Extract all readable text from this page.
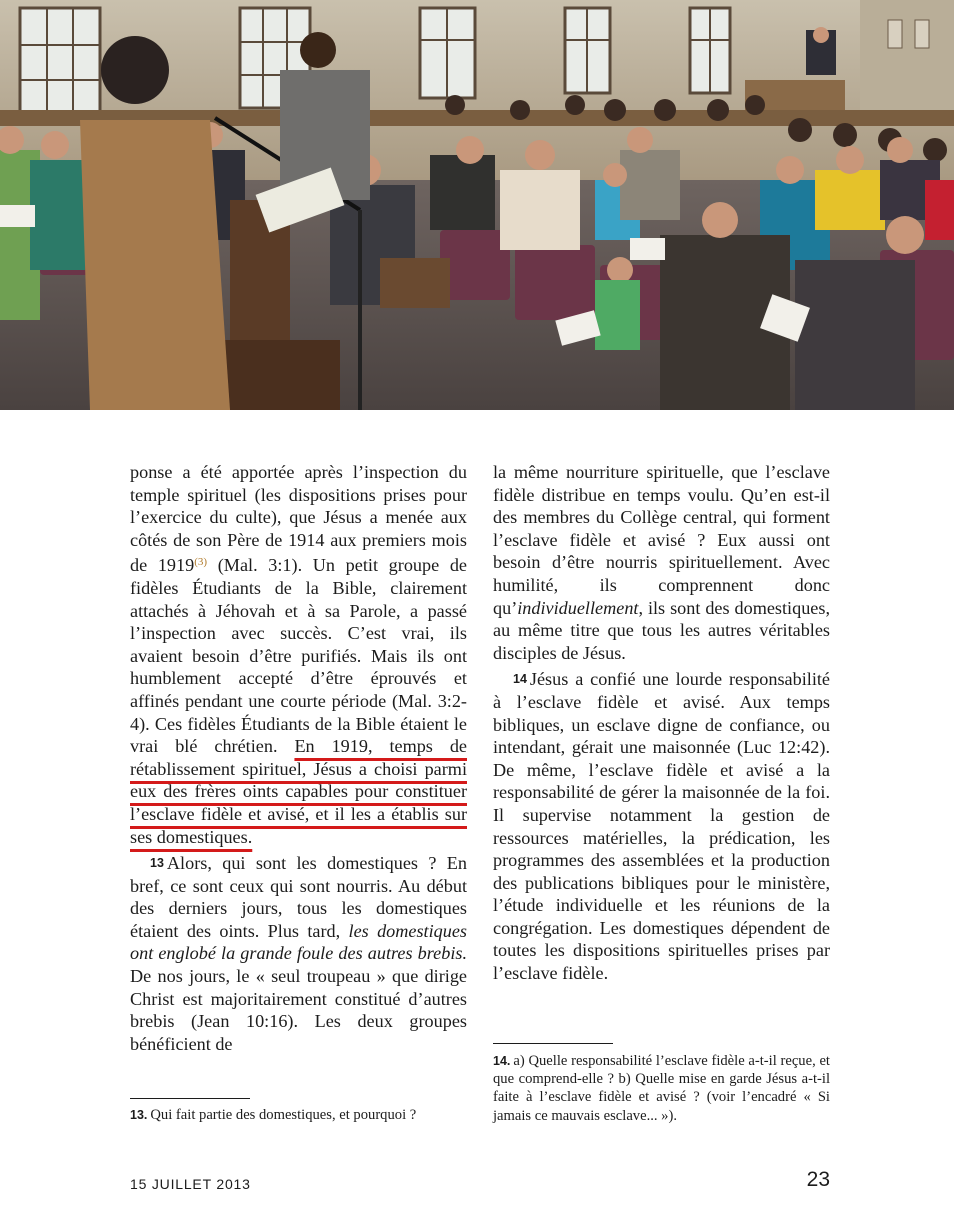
ponse a été apportée après l’inspection du temple spirituel (les dispositions prises pour l’exercice du culte), que Jésus a menée aux côtés de son Père de 1914 aux premiers mois de 1919$^{(3)}$ (Mal. 3:1). Un petit groupe de fidèles Étudiants de la Bible, clairement attachés à Jéhovah et à sa Parole, a passé l’inspection avec succès. C’est vrai, ils avaient besoin d’être purifiés. Mais ils ont humblement accepté d’être éprouvés et affinés pendant une courte période (Mal. 3:2-4). Ces fidèles Étudiants de la Bible étaient le vrai blé chrétien. En 1919, temps de rétablissement spirituel, Jésus a choisi parmi eux des frères oints capables pour constituer l’esclave fidèle et avisé, et il les a établis sur ses domestiques.

13 Alors, qui sont les domestiques ? En bref, ce sont ceux qui sont nourris. Au début des derniers jours, tous les domestiques étaient des oints. Plus tard, les domestiques ont englobé la grande foule des autres brebis. De nos jours, le « seul troupeau » que dirige Christ est majoritairement constitué d’autres brebis (Jean 10:16). Les deux groupes bénéficient de

la même nourriture spirituelle, que l’esclave fidèle distribue en temps voulu. Qu’en est-il des membres du Collège central, qui forment l’esclave fidèle et avisé ? Eux aussi ont besoin d’être nourris spirituellement. Avec humilité, ils comprennent donc qu’individuellement, ils sont des domestiques, au même titre que tous les autres véritables disciples de Jésus.

14 Jésus a confié une lourde responsabilité à l’esclave fidèle et avisé. Aux temps bibliques, un esclave digne de confiance, ou intendant, gérait une maisonnée (Luc 12:42). De même, l’esclave fidèle et avisé a la responsabilité de gérer la maisonnée de la foi. Il supervise notamment la gestion de ressources matérielles, la prédication, les programmes des assemblées et la production des publications bibliques pour le ministère, l’étude individuelle et les réunions de la congrégation. Les domestiques dépendent de toutes les dispositions spirituelles prises par l’esclave fidèle.

13. Qui fait partie des domestiques, et pourquoi ?
14. a) Quelle responsabilité l’esclave fidèle a-t-il reçue, et que comprend-elle ? b) Quelle mise en garde Jésus a-t-il faite à l’esclave fidèle et avisé ? (voir l’encadré « Si jamais ce mauvais esclave... »).
15 JUILLET 2013	23
